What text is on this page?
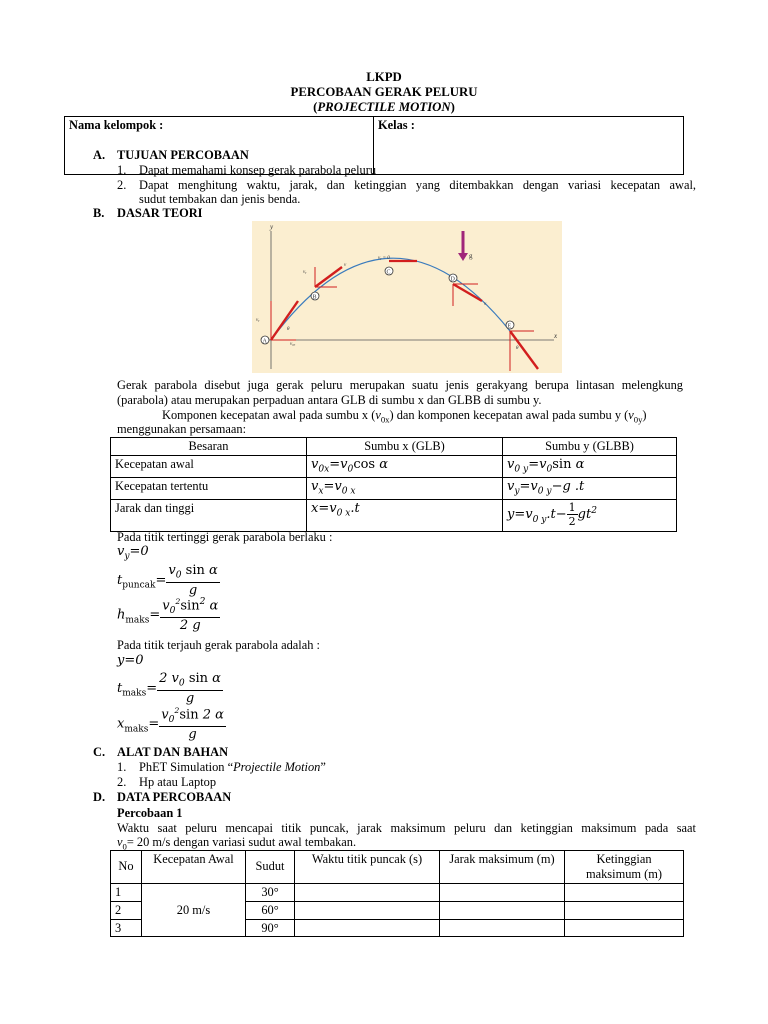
LKPD
PERCOBAAN GERAK PELURU
(PROJECTILE MOTION)
Nama kelompok :	Kelas :
A. TUJUAN PERCOBAAN
1. Dapat memahami konsep gerak parabola peluru
2. Dapat menghitung waktu, jarak, dan ketinggian yang ditembakkan dengan variasi kecepatan awal,
sudut tembakan dan jenis benda.
B. DASAR TEORI
y
x
g
A
B
C
D
E
vᵧ
v₀ₓ
θ
vᵧ
v
vᵧ = 0
v
θ
Gerak parabola disebut juga gerak peluru merupakan suatu jenis gerakyang berupa lintasan melengkung (parabola) atau merupakan perpaduan antara GLB di sumbu x dan GLBB di sumbu y.
Komponen kecepatan awal pada sumbu x $(v_{0x})$ dan komponen kecepatan awal pada sumbu y $(v_{0y})$
menggunakan persamaan:
Besaran	Sumbu x (GLB)	Sumbu y (GLBB)
Kecepatan awal	$v_{0x}=v_0\cos$ α	$v_{0 y}=v_0\sin$ α
Kecepatan tertentu	$v_x=v_{0 x}$	$v_y=v_{0 y}-g$ .t
Jarak dan tinggi	$x=v_{0 x}.t$	$y=v_{0 y}.t- \frac{1}{2} gt^2$
Pada titik tertinggi gerak parabola berlaku :
$v_y=0$
$t_{puncak}= \frac{v_0 \sin \alpha}{g}$
$h_{maks}= \frac{v_0^2\sin^2 \alpha}{2 g}$
Pada titik terjauh gerak parabola adalah :
y=0
$t_{maks}= \frac{2 v_0 \sin \alpha}{g}$
$x_{maks}= \frac{v_0^2\sin 2 \alpha}{g}$
C. ALAT DAN BAHAN
1. PhET Simulation “Projectile Motion”
2. Hp atau Laptop
D. DATA PERCOBAAN
Percobaan 1
Waktu saat peluru mencapai titik puncak, jarak maksimum peluru dan ketinggian maksimum pada saat
$v_0= 20$ m/s dengan variasi sudut awal tembakan.
No	Kecepatan Awal	Sudut	Waktu titik puncak (s)	Jarak maksimum (m)	Ketinggian maksimum (m)
1	20 m/s	30°			
2		60°			
3		90°			
